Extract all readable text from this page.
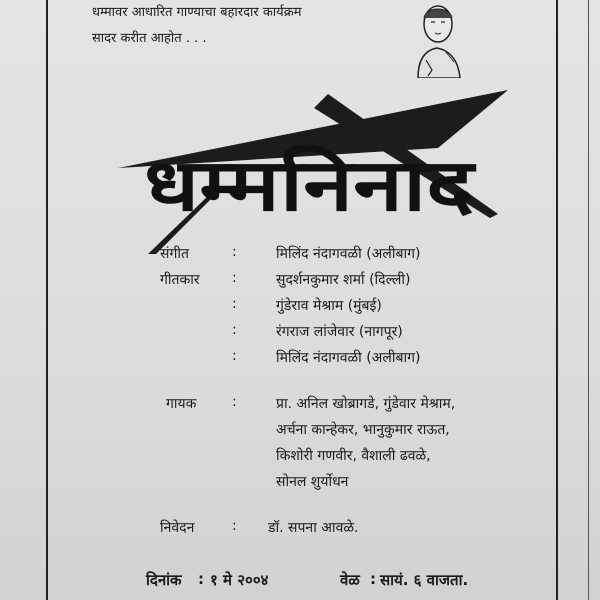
धम्मावर आधारित गाण्याचा बहारदार कार्यक्रम
सादर करीत आहोत . . .
धम्मनिनाद
संगीत	:	मिलिंद नंदागवळी (अलीबाग)
गीतकार :	सुदर्शनकुमार शर्मा (दिल्ली)
:	गुंडेराव मेश्राम (मुंबई)
:	रंगराज लांजेवार (नागपूर)
:	मिलिंद नंदागवळी (अलीबाग)
गायक	:	प्रा. अनिल खोब्रागडे, गुंडेवार मेश्राम,
अर्चना कान्हेकर, भानुकुमार राऊत,
किशोरी गणवीर, वैशाली ढवळे,
सोनल शुर्योधन
निवेदन	: डॉ. सपना आवळे.
दिनांक : १ मे २००४	वेळ : सायं. ६ वाजता.
